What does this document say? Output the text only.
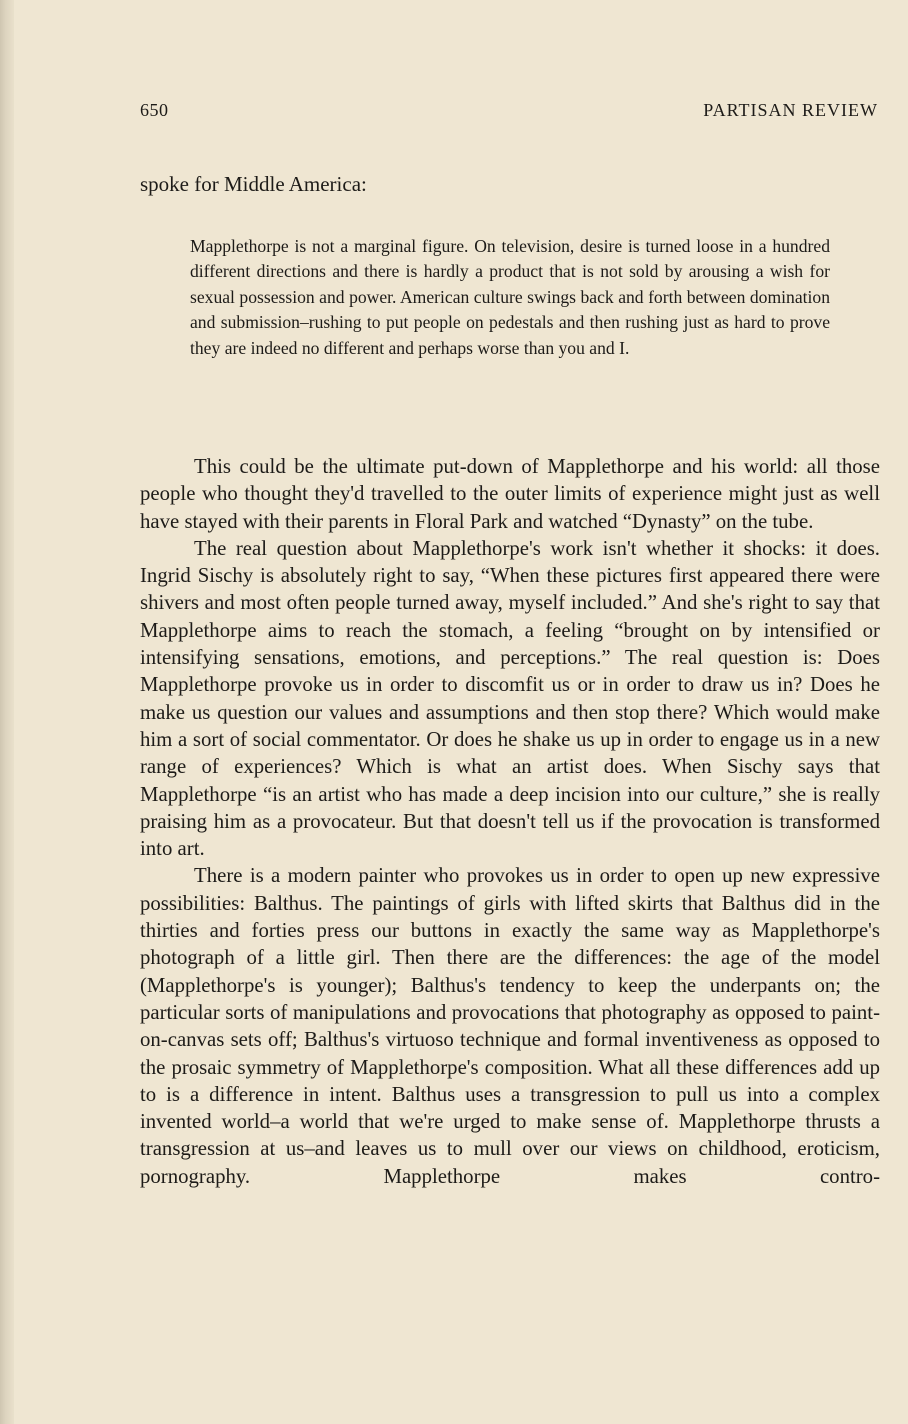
650	PARTISAN REVIEW
spoke for Middle America:
Mapplethorpe is not a marginal figure. On television, desire is turned loose in a hundred different directions and there is hardly a product that is not sold by arousing a wish for sexual possession and power. American culture swings back and forth between domination and submission–rushing to put people on pedestals and then rushing just as hard to prove they are indeed no different and perhaps worse than you and I.

This could be the ultimate put-down of Mapplethorpe and his world: all those people who thought they'd travelled to the outer limits of experience might just as well have stayed with their parents in Floral Park and watched “Dynasty” on the tube.

The real question about Mapplethorpe's work isn't whether it shocks: it does. Ingrid Sischy is absolutely right to say, “When these pictures first appeared there were shivers and most often people turned away, myself included.” And she's right to say that Mapplethorpe aims to reach the stomach, a feeling “brought on by intensified or intensifying sensations, emotions, and perceptions.” The real question is: Does Mapplethorpe provoke us in order to discomfit us or in order to draw us in? Does he make us question our values and assumptions and then stop there? Which would make him a sort of social commentator. Or does he shake us up in order to engage us in a new range of experiences? Which is what an artist does. When Sischy says that Mapplethorpe “is an artist who has made a deep incision into our culture,” she is really praising him as a provocateur. But that doesn't tell us if the provocation is transformed into art.

There is a modern painter who provokes us in order to open up new expressive possibilities: Balthus. The paintings of girls with lifted skirts that Balthus did in the thirties and forties press our buttons in exactly the same way as Mapplethorpe's photograph of a little girl. Then there are the differences: the age of the model (Mapplethorpe's is younger); Balthus's tendency to keep the underpants on; the particular sorts of manipulations and provocations that photography as opposed to paint-on-canvas sets off; Balthus's virtuoso technique and formal inventiveness as opposed to the prosaic symmetry of Mapplethorpe's composition. What all these differences add up to is a difference in intent. Balthus uses a transgression to pull us into a complex invented world–a world that we're urged to make sense of. Mapplethorpe thrusts a transgression at us–and leaves us to mull over our views on childhood, eroticism, pornography. Mapplethorpe makes contro-
